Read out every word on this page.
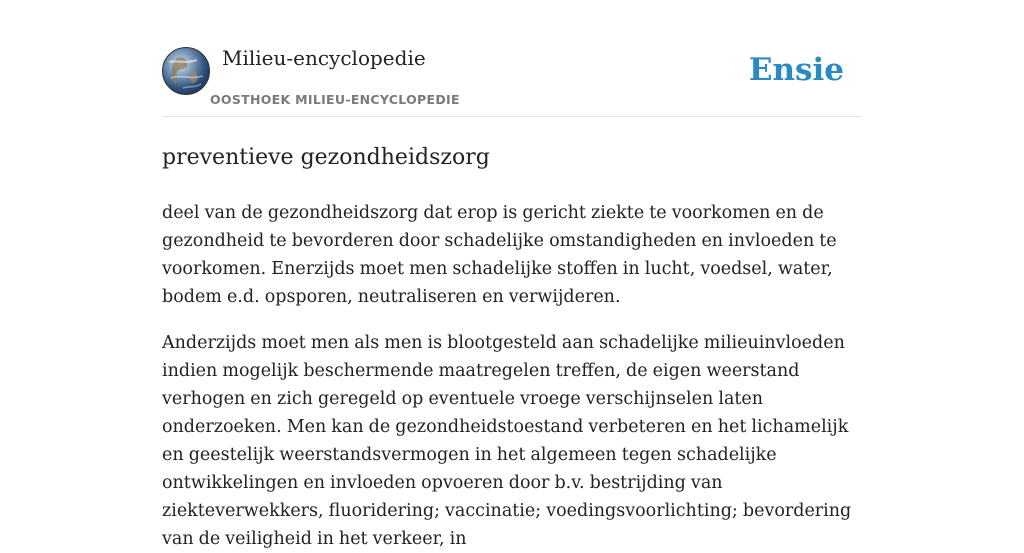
Milieu-encyclopedie
OOSTHOEK MILIEU-ENCYCLOPEDIE
Ensie
preventieve gezondheidszorg

deel van de gezondheidszorg dat erop is gericht ziekte te voorkomen en de gezondheid te bevorderen door schadelijke omstandigheden en invloeden te voorkomen. Enerzijds moet men schadelijke stoffen in lucht, voedsel, water, bodem e.d. opsporen, neutraliseren en verwijderen.

Anderzijds moet men als men is blootgesteld aan schadelijke milieuinvloeden indien mogelijk beschermende maatregelen treffen, de eigen weerstand verhogen en zich geregeld op eventuele vroege verschijnselen laten onderzoeken. Men kan de gezondheidstoestand verbeteren en het lichamelijk en geestelijk weerstandsvermogen in het algemeen tegen schadelijke ontwikkelingen en invloeden opvoeren door b.v. bestrijding van ziekteverwekkers, fluoridering; vaccinatie; voedingsvoorlichting; bevordering van de veiligheid in het verkeer, in
